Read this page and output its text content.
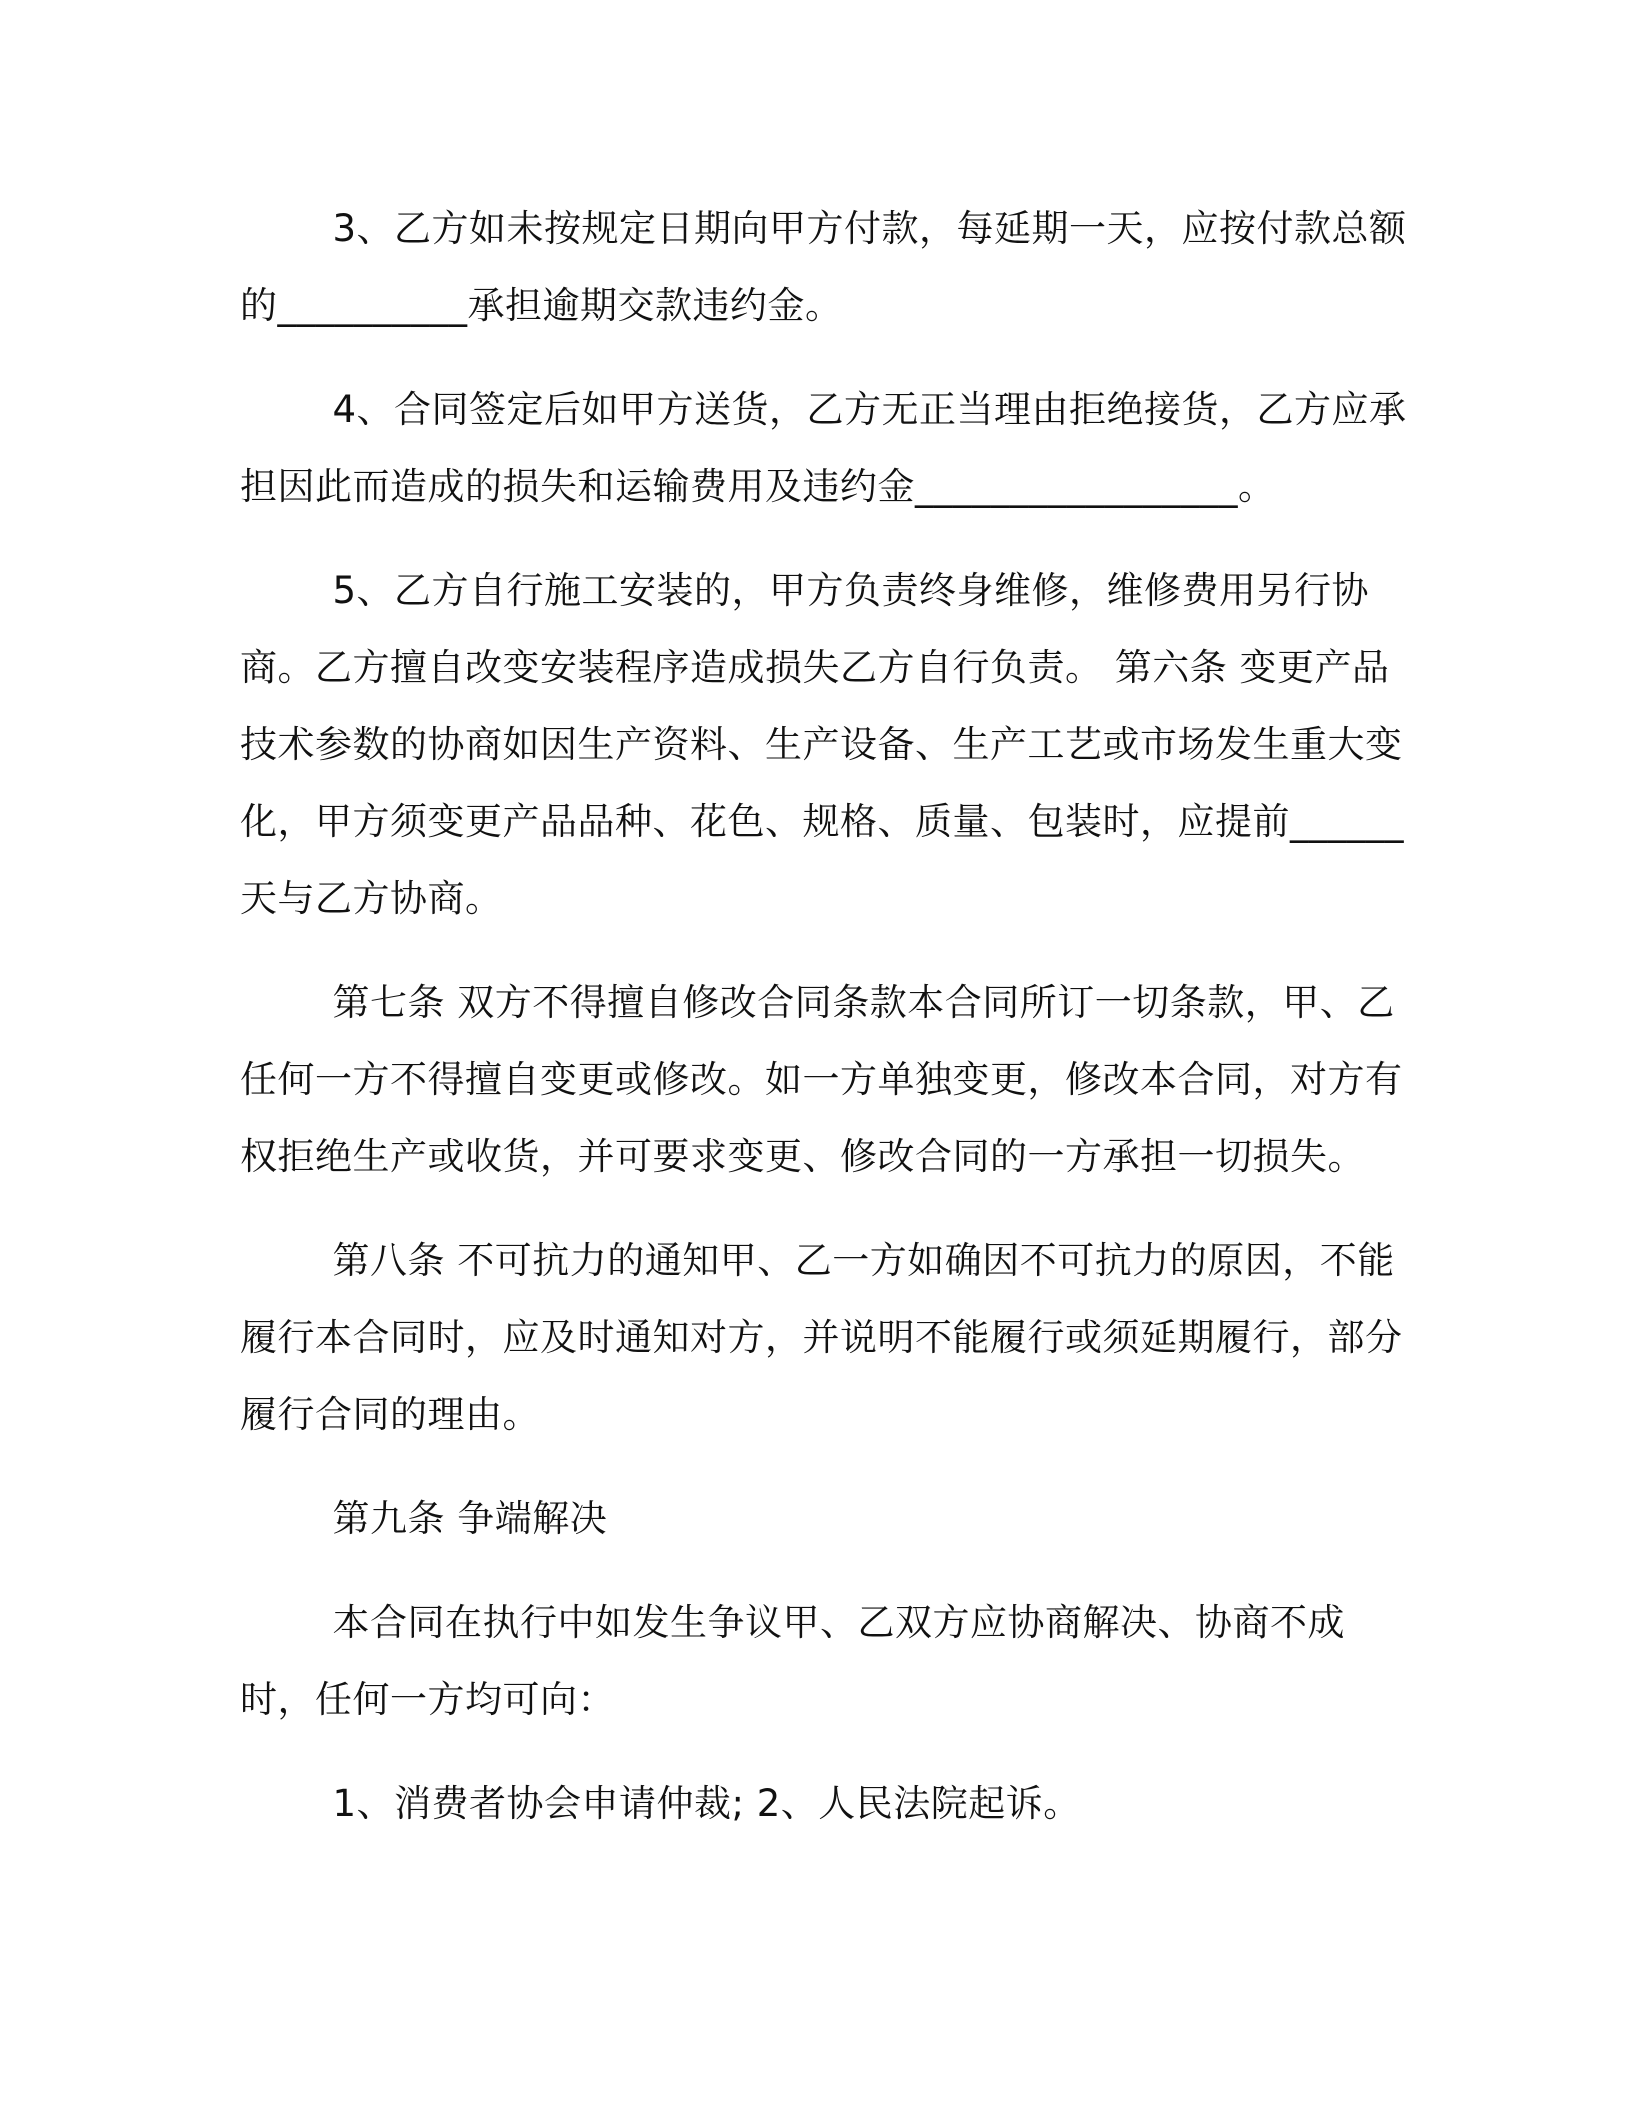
3、乙方如未按规定日期向甲方付款，每延期一天，应按付款总额的__________承担逾期交款违约金。

4、合同签定后如甲方送货，乙方无正当理由拒绝接货，乙方应承担因此而造成的损失和运输费用及违约金_________________。

5、乙方自行施工安装的，甲方负责终身维修，维修费用另行协商。乙方擅自改变安装程序造成损失乙方自行负责。 第六条 变更产品技术参数的协商如因生产资料、生产设备、生产工艺或市场发生重大变化，甲方须变更产品品种、花色、规格、质量、包装时，应提前______天与乙方协商。

第七条 双方不得擅自修改合同条款本合同所订一切条款，甲、乙任何一方不得擅自变更或修改。如一方单独变更，修改本合同，对方有权拒绝生产或收货，并可要求变更、修改合同的一方承担一切损失。

第八条 不可抗力的通知甲、乙一方如确因不可抗力的原因，不能履行本合同时，应及时通知对方，并说明不能履行或须延期履行，部分履行合同的理由。

第九条 争端解决

本合同在执行中如发生争议甲、乙双方应协商解决、协商不成时，任何一方均可向：

1、消费者协会申请仲裁; 2、人民法院起诉。
